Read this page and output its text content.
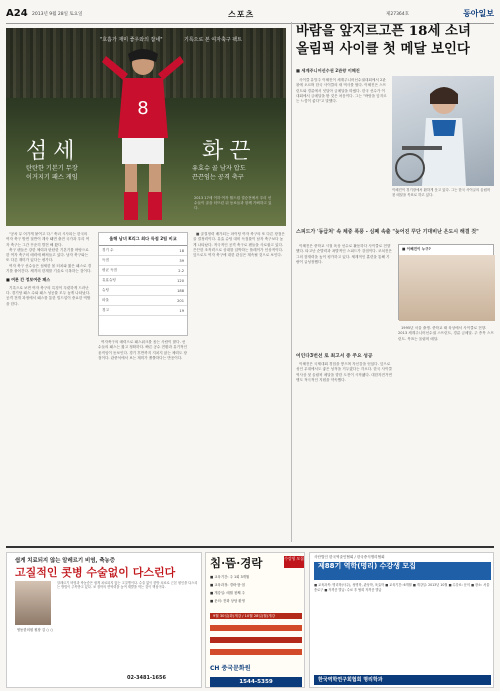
A24 2013년 9월 28일 토요일	스포츠	제27364호	동아일보
8
"호흡가 재미 좋우와의 잡네"	기록으로 본 여자축구 팩트
섬세	화끈
탄탄한 기본기 무장
이거지기 패스 게임
유효슈 골 남자 압도
끈끈임는 공격 축구
2013 17세 이하 여자 월드컵 결승전에서 우리 선수들이 골을 터뜨린 뒤 동료들과 함께 기뻐하고 있다.

"공차 무 어가게 붙여고 다." 축녀 시사되는 한국의 여자 축구 방면 절반이 계속 돼면 출전 국가과 우리 여자 축구는 그간 꾸준히 발전 해 왔다.

축구 팬들은 강한 체력과 탄탄한 기본기를 바탕으로 한 여자 축구의 매력에 빠져들고 있다. 남자 축구와는 또 다른 재미가 있다는 평가다.

여자 축구 선수들은 섬세한 볼 터치와 짧은 패스로 경기를 풀어간다. 체격의 한계를 기술로 극복하는 것이다.

■ 여론 간 정보여준 패스

기록으로 보면 여자 축구의 특징이 뚜렷하게 드러난다. 경기당 패스 수와 패스 성공률 모두 높게 나타났다. 공격 전개 과정에서 패스를 통한 빌드업이 중요한 역할을 한다.

올해 남녀 K리그 최다 득점 2팀 비교
경기 수	18
득점	39
평균 득점	2.2
유효슈팅	120
슈팅	188
파울	201
경고	19

여자축구의 매력으로 패스워크를 꼽는 사람이 많다. 선수들의 패스는 짧고 정확하다. 빠른 공수 전환과 유기적인 움직임이 돋보인다. 경기 후반까지 지치지 않는 체력도 장점이다. 관중석에서 보는 재미가 쏠쏠하다는 반응이다.

■ 골결정력 배가되는 파이팅 여자 축구의 또 다른 장점은 골 결정력이다. 유효 슈팅 대비 득점률이 남자 축구보다 높게 나타났다. 적극적인 공격 축구로 팬들을 사로잡고 있다. 끈끈한 조직력으로 상대를 압박하는 플레이가 인상적이다. 앞으로도 여자 축구에 대한 관심은 계속될 것으로 보인다.

바람을 앞지르고픈 18세 소녀
올림픽 사이클 첫 메달 보인다
■ 세계주니어선수권 2관왕 이혜진

사이클 유망주 이혜진이 세계주니어선수권대회에서 2관왕에 오르며 한국 사이클의 새 역사를 썼다. 이혜진은 스프린트와 경륜에서 잇달아 금메달을 따냈다. 한국 선수가 이 대회에서 금메달을 딴 것은 처음이다. 그는 "바람을 앞지르는 느낌이 좋다"고 말했다.

이혜진이 경기장에서 환하게 웃고 있다. 그는 한국 사이클의 올림픽 첫 메달을 목표로 하고 있다.
스피드가 '동급처' 속 체중 폭풍 - 심폐 속출 "늦어진 꾸단 기대비난 온도시 해결 것"

이혜진은 중학교 시절 육상 선수로 활동하다 사이클로 전향했다. 타고난 순발력과 폭발적인 스피드가 강점이다. 코치진은 그의 잠재력을 높이 평가하고 있다. 체계적인 훈련을 통해 기량이 급성장했다.

어인다3번선 로 최고서 중 주요 성공

이혜진은 국제대회 경험을 쌓으며 자신감을 얻었다. 앞으로 성인 무대에서도 좋은 성적을 거두겠다는 각오다. 한국 사이클 역사상 첫 올림픽 메달을 향한 도전이 시작됐다. 대한자전거연맹도 적극적인 지원을 약속했다.

■ 이혜진이 누구?

1995년 서울 출생. 중학교 때 육상에서 사이클로 전향. 2013 세계주니어선수권 스프린트, 경륜 금메달. 주 종목 스프린트. 목표는 올림픽 메달.

쉽게 치료되지 않는 알레르기 비염, 축농증
고질적인 콧병 수술없이 다스린다
영동한의원 원장 김 ○ ○
알레르기 비염과 축농증은 쉽게 치료되지 않는 고질병이다. 수술 없이 한방 치료로 근본 원인을 다스리는 방법이 주목받고 있다. 코 점막의 면역력을 높여 재발을 막는 것이 핵심이다.
02-3481-1656
침·뜸·경락	수강생 모집
■ 교육기간: 주 1회 3개월
■ 교육과정: 경락·뜸·침
■ 개강일: 매월 첫째 주
■ 문의: 전화 상담 환영
9월 30일(화)개강 / 10월 28일(월)개강
CH 중국문화원
1544-5359
사단법인 한국역술인협회 / 한국중식명리협회
제88기 역학(명리) 수강생 모집
■ 교육과목: 명리학(사주), 성명학, 관상학, 육효학 ■ 교육기간: 6개월 ■ 개강일: 2013년 10월 ■ 수강료: 문의 ■ 장소: 서울 종로구 ■ 자격증 발급: 수료 후 협회 자격증 발급
한국역학연구회협회 명리학과
